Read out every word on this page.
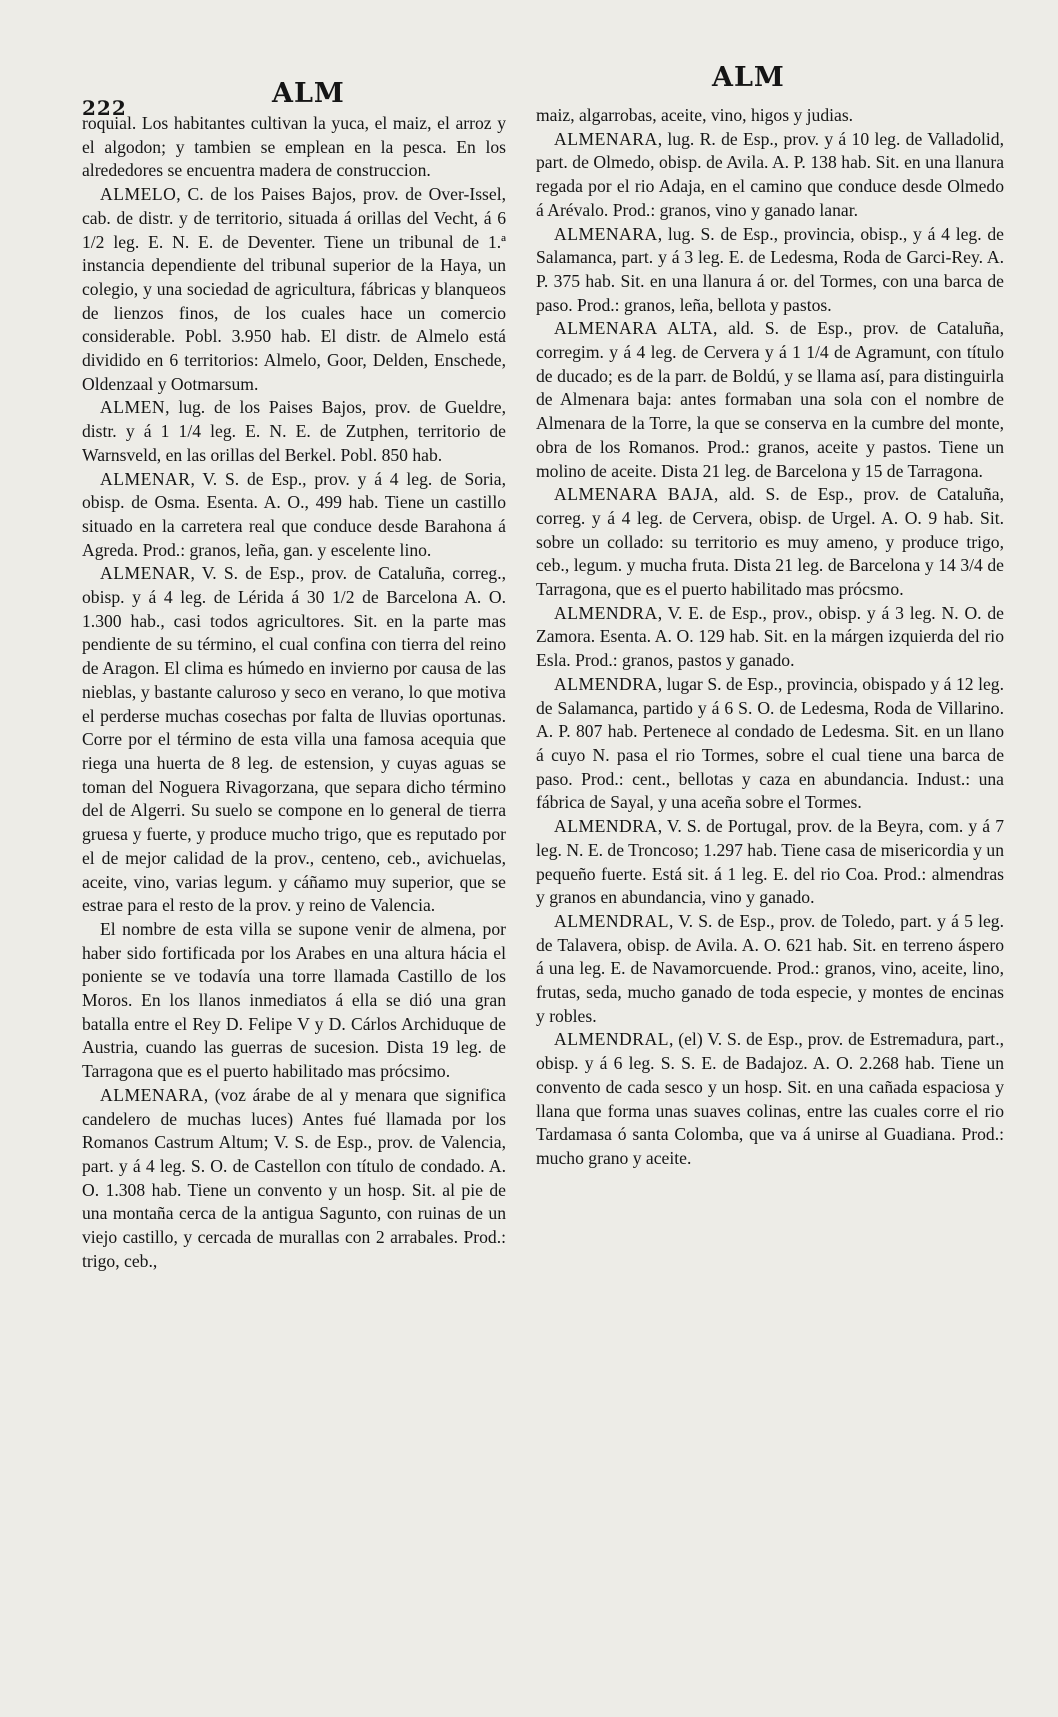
222	ALM
ALM

roquial. Los habitantes cultivan la yuca, el maiz, el arroz y el algodon; y tambien se emplean en la pesca. En los alrededores se encuentra madera de construccion.

ALMELO, C. de los Paises Bajos, prov. de Over-Issel, cab. de distr. y de territorio, situada á orillas del Vecht, á 6 1/2 leg. E. N. E. de Deventer. Tiene un tribunal de 1.ª instancia dependiente del tribunal superior de la Haya, un colegio, y una sociedad de agricultura, fábricas y blanqueos de lienzos finos, de los cuales hace un comercio considerable. Pobl. 3.950 hab. El distr. de Almelo está dividido en 6 territorios: Almelo, Goor, Delden, Enschede, Oldenzaal y Ootmarsum.

ALMEN, lug. de los Paises Bajos, prov. de Gueldre, distr. y á 1 1/4 leg. E. N. E. de Zutphen, territorio de Warnsveld, en las orillas del Berkel. Pobl. 850 hab.

ALMENAR, V. S. de Esp., prov. y á 4 leg. de Soria, obisp. de Osma. Esenta. A. O., 499 hab. Tiene un castillo situado en la carretera real que conduce desde Barahona á Agreda. Prod.: granos, leña, gan. y escelente lino.

ALMENAR, V. S. de Esp., prov. de Cataluña, correg., obisp. y á 4 leg. de Lérida á 30 1/2 de Barcelona A. O. 1.300 hab., casi todos agricultores. Sit. en la parte mas pendiente de su término, el cual confina con tierra del reino de Aragon. El clima es húmedo en invierno por causa de las nieblas, y bastante caluroso y seco en verano, lo que motiva el perderse muchas cosechas por falta de lluvias oportunas. Corre por el término de esta villa una famosa acequia que riega una huerta de 8 leg. de estension, y cuyas aguas se toman del Noguera Rivagorzana, que separa dicho término del de Algerri. Su suelo se compone en lo general de tierra gruesa y fuerte, y produce mucho trigo, que es reputado por el de mejor calidad de la prov., centeno, ceb., avichuelas, aceite, vino, varias legum. y cáñamo muy superior, que se estrae para el resto de la prov. y reino de Valencia.

El nombre de esta villa se supone venir de almena, por haber sido fortificada por los Arabes en una altura hácia el poniente se ve todavía una torre llamada Castillo de los Moros. En los llanos inmediatos á ella se dió una gran batalla entre el Rey D. Felipe V y D. Cárlos Archiduque de Austria, cuando las guerras de sucesion. Dista 19 leg. de Tarragona que es el puerto habilitado mas prócsimo.

ALMENARA, (voz árabe de al y menara que significa candelero de muchas luces) Antes fué llamada por los Romanos Castrum Altum; V. S. de Esp., prov. de Valencia, part. y á 4 leg. S. O. de Castellon con título de condado. A. O. 1.308 hab. Tiene un convento y un hosp. Sit. al pie de una montaña cerca de la antigua Sagunto, con ruinas de un viejo castillo, y cercada de murallas con 2 arrabales. Prod.: trigo, ceb.,

maiz, algarrobas, aceite, vino, higos y judias.

ALMENARA, lug. R. de Esp., prov. y á 10 leg. de Valladolid, part. de Olmedo, obisp. de Avila. A. P. 138 hab. Sit. en una llanura regada por el rio Adaja, en el camino que conduce desde Olmedo á Arévalo. Prod.: granos, vino y ganado lanar.

ALMENARA, lug. S. de Esp., provincia, obisp., y á 4 leg. de Salamanca, part. y á 3 leg. E. de Ledesma, Roda de Garci-Rey. A. P. 375 hab. Sit. en una llanura á or. del Tormes, con una barca de paso. Prod.: granos, leña, bellota y pastos.

ALMENARA ALTA, ald. S. de Esp., prov. de Cataluña, corregim. y á 4 leg. de Cervera y á 1 1/4 de Agramunt, con título de ducado; es de la parr. de Boldú, y se llama así, para distinguirla de Almenara baja: antes formaban una sola con el nombre de Almenara de la Torre, la que se conserva en la cumbre del monte, obra de los Romanos. Prod.: granos, aceite y pastos. Tiene un molino de aceite. Dista 21 leg. de Barcelona y 15 de Tarragona.

ALMENARA BAJA, ald. S. de Esp., prov. de Cataluña, correg. y á 4 leg. de Cervera, obisp. de Urgel. A. O. 9 hab. Sit. sobre un collado: su territorio es muy ameno, y produce trigo, ceb., legum. y mucha fruta. Dista 21 leg. de Barcelona y 14 3/4 de Tarragona, que es el puerto habilitado mas prócsmo.

ALMENDRA, V. E. de Esp., prov., obisp. y á 3 leg. N. O. de Zamora. Esenta. A. O. 129 hab. Sit. en la márgen izquierda del rio Esla. Prod.: granos, pastos y ganado.

ALMENDRA, lugar S. de Esp., provincia, obispado y á 12 leg. de Salamanca, partido y á 6 S. O. de Ledesma, Roda de Villarino. A. P. 807 hab. Pertenece al condado de Ledesma. Sit. en un llano á cuyo N. pasa el rio Tormes, sobre el cual tiene una barca de paso. Prod.: cent., bellotas y caza en abundancia. Indust.: una fábrica de Sayal, y una aceña sobre el Tormes.

ALMENDRA, V. S. de Portugal, prov. de la Beyra, com. y á 7 leg. N. E. de Troncoso; 1.297 hab. Tiene casa de misericordia y un pequeño fuerte. Está sit. á 1 leg. E. del rio Coa. Prod.: almendras y granos en abundancia, vino y ganado.

ALMENDRAL, V. S. de Esp., prov. de Toledo, part. y á 5 leg. de Talavera, obisp. de Avila. A. O. 621 hab. Sit. en terreno áspero á una leg. E. de Navamorcuende. Prod.: granos, vino, aceite, lino, frutas, seda, mucho ganado de toda especie, y montes de encinas y robles.

ALMENDRAL, (el) V. S. de Esp., prov. de Estremadura, part., obisp. y á 6 leg. S. S. E. de Badajoz. A. O. 2.268 hab. Tiene un convento de cada sesco y un hosp. Sit. en una cañada espaciosa y llana que forma unas suaves colinas, entre las cuales corre el rio Tardamasa ó santa Colomba, que va á unirse al Guadiana. Prod.: mucho grano y aceite.
